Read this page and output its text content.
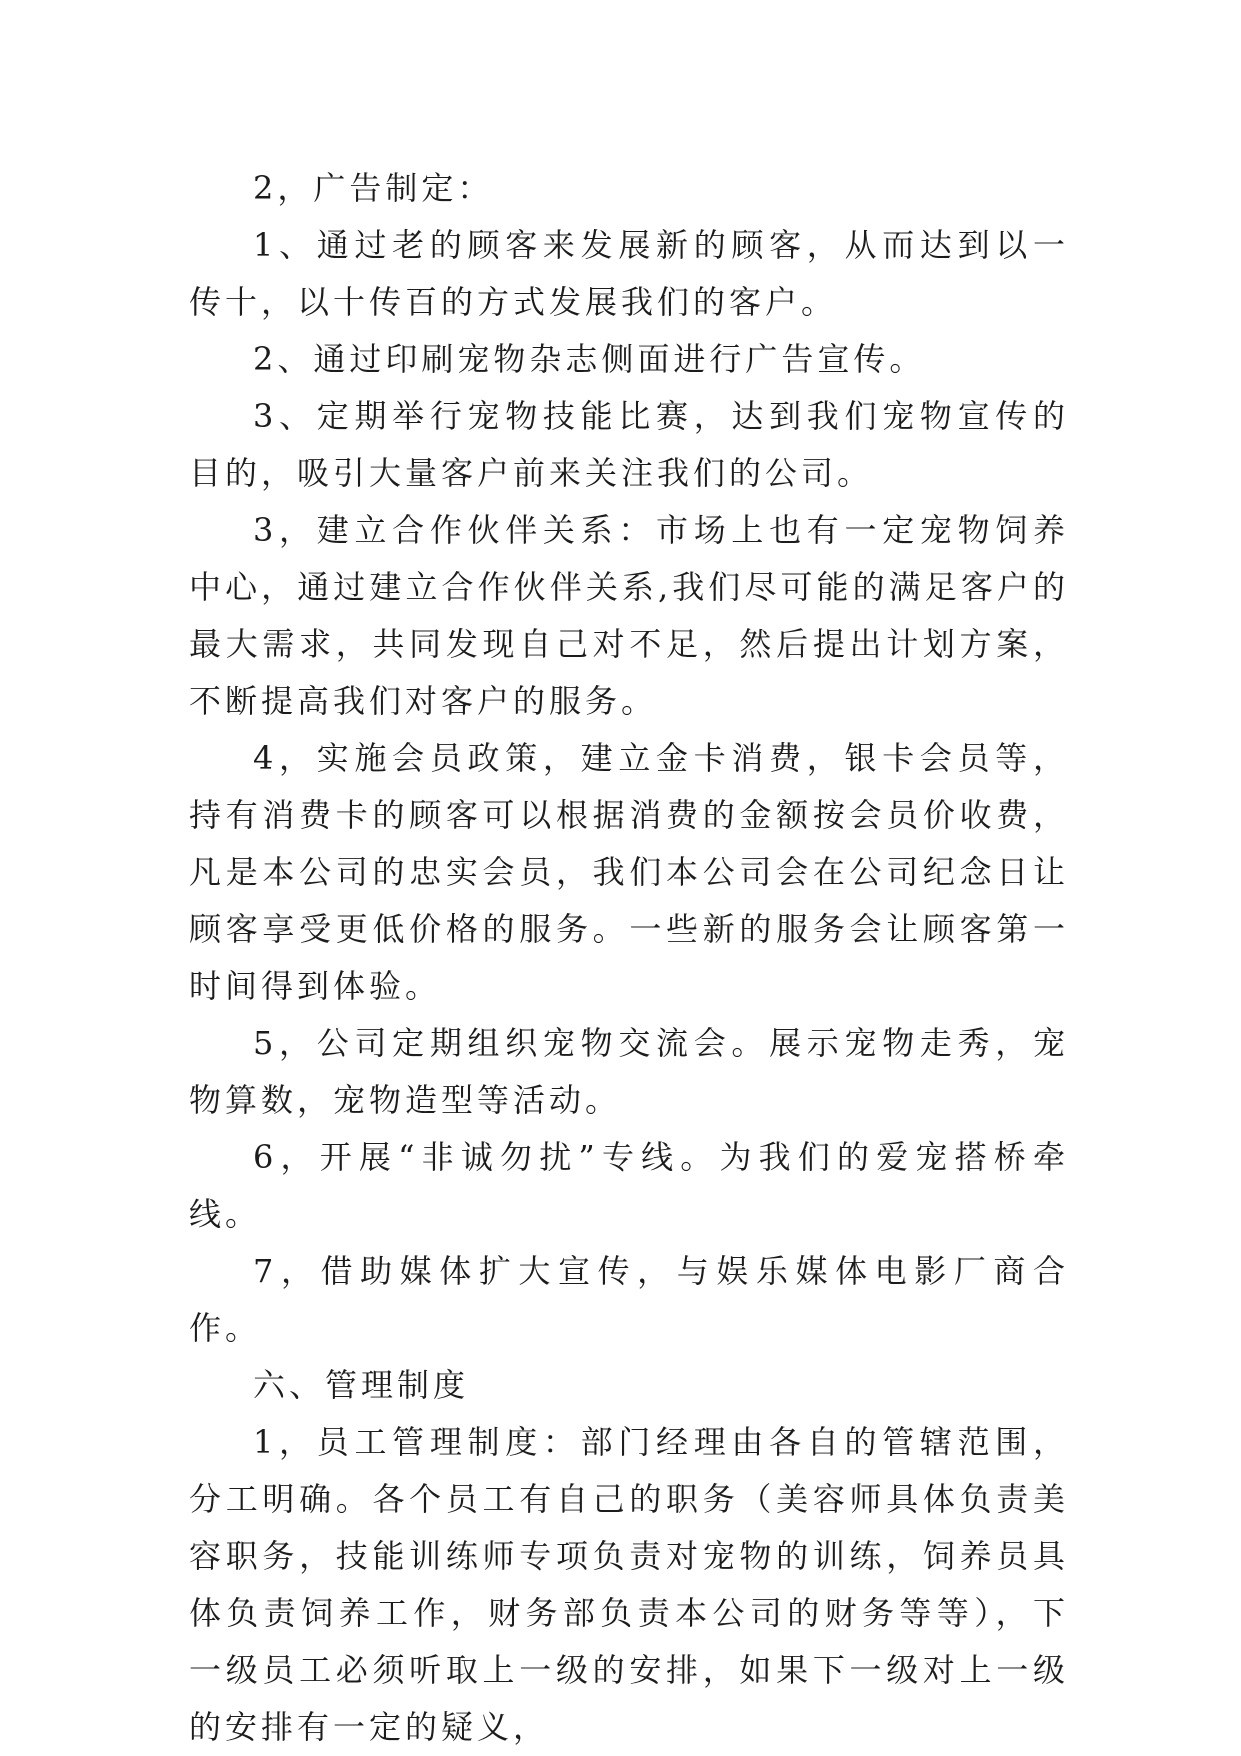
2，广告制定：

1、通过老的顾客来发展新的顾客，从而达到以一传十，以十传百的方式发展我们的客户。

2、通过印刷宠物杂志侧面进行广告宣传。

3、定期举行宠物技能比赛，达到我们宠物宣传的目的，吸引大量客户前来关注我们的公司。

3，建立合作伙伴关系：市场上也有一定宠物饲养中心，通过建立合作伙伴关系,我们尽可能的满足客户的最大需求，共同发现自己对不足，然后提出计划方案，不断提高我们对客户的服务。

4，实施会员政策，建立金卡消费，银卡会员等，持有消费卡的顾客可以根据消费的金额按会员价收费，凡是本公司的忠实会员，我们本公司会在公司纪念日让顾客享受更低价格的服务。一些新的服务会让顾客第一时间得到体验。

5，公司定期组织宠物交流会。展示宠物走秀，宠物算数，宠物造型等活动。

6，开展“非诚勿扰”专线。为我们的爱宠搭桥牵线。

7，借助媒体扩大宣传，与娱乐媒体电影厂商合作。

六、管理制度

1，员工管理制度：部门经理由各自的管辖范围，分工明确。各个员工有自己的职务（美容师具体负责美容职务，技能训练师专项负责对宠物的训练，饲养员具体负责饲养工作，财务部负责本公司的财务等等），下一级员工必须听取上一级的安排，如果下一级对上一级的安排有一定的疑义，
